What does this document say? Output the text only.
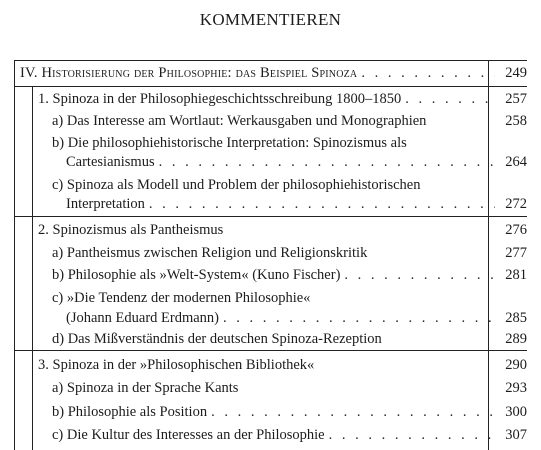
KOMMENTIEREN
IV. Historisierung der Philosophie: das Beispiel Spinoza . . .	249
1. Spinoza in der Philosophiegeschichtsschreibung 1800–1850 . . .	257
a) Das Interesse am Wortlaut: Werkausgaben und Monographien	258
b) Die philosophiehistorische Interpretation: Spinozismus als
Cartesianismus . . .	264
c) Spinoza als Modell und Problem der philosophiehistorischen
Interpretation . . .	272
2. Spinozismus als Pantheismus	276
a) Pantheismus zwischen Religion und Religionskritik	277
b) Philosophie als »Welt-System« (Kuno Fischer) . . .	281
c) »Die Tendenz der modernen Philosophie«
(Johann Eduard Erdmann) . . .	285
d) Das Mißverständnis der deutschen Spinoza-Rezeption	289
3. Spinoza in der »Philosophischen Bibliothek«	290
a) Spinoza in der Sprache Kants	293
b) Philosophie als Position . . .	300
c) Die Kultur des Interesses an der Philosophie . . .	307
